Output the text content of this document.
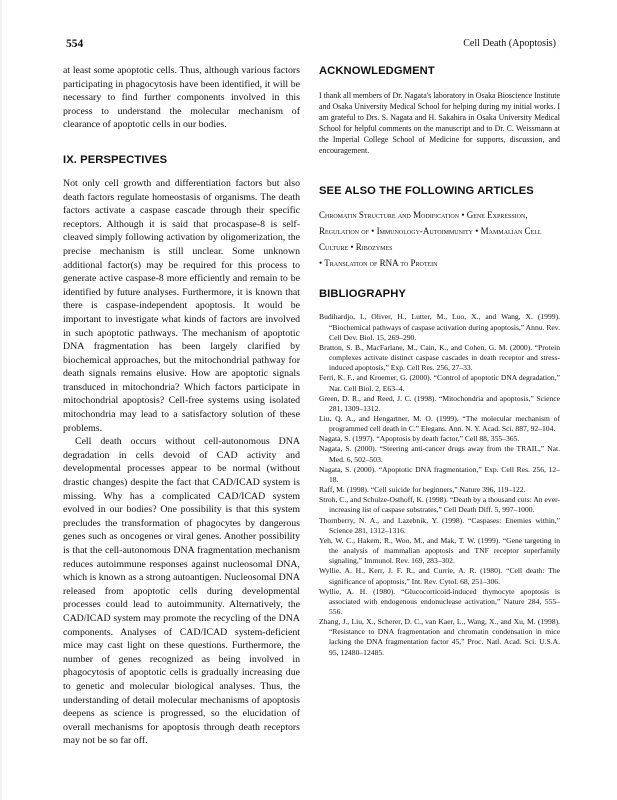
554	Cell Death (Apoptosis)

at least some apoptotic cells. Thus, although various factors participating in phagocytosis have been identified, it will be necessary to find further components involved in this process to understand the molecular mechanism of clearance of apoptotic cells in our bodies.

IX. PERSPECTIVES

Not only cell growth and differentiation factors but also death factors regulate homeostasis of organisms. The death factors activate a caspase cascade through their specific receptors. Although it is said that procaspase-8 is self-cleaved simply following activation by oligomerization, the precise mechanism is still unclear. Some unknown additional factor(s) may be required for this process to generate active caspase-8 more efficiently and remain to be identified by future analyses. Furthermore, it is known that there is caspase-independent apoptosis. It would be important to investigate what kinds of factors are involved in such apoptotic pathways. The mechanism of apoptotic DNA fragmentation has been largely clarified by biochemical approaches, but the mitochondrial pathway for death signals remains elusive. How are apoptotic signals transduced in mitochondria? Which factors participate in mitochondrial apoptosis? Cell-free systems using isolated mitochondria may lead to a satisfactory solution of these problems.

Cell death occurs without cell-autonomous DNA degradation in cells devoid of CAD activity and developmental processes appear to be normal (without drastic changes) despite the fact that CAD/ICAD system is missing. Why has a complicated CAD/ICAD system evolved in our bodies? One possibility is that this system precludes the transformation of phagocytes by dangerous genes such as oncogenes or viral genes. Another possibility is that the cell-autonomous DNA fragmentation mechanism reduces autoimmune responses against nucleosomal DNA, which is known as a strong autoantigen. Nucleosomal DNA released from apoptotic cells during developmental processes could lead to autoimmunity. Alternatively, the CAD/ICAD system may promote the recycling of the DNA components. Analyses of CAD/ICAD system-deficient mice may cast light on these questions. Furthermore, the number of genes recognized as being involved in phagocytosis of apoptotic cells is gradually increasing due to genetic and molecular biological analyses. Thus, the understanding of detail molecular mechanisms of apoptosis deepens as science is progressed, so the elucidation of overall mechanisms for apoptosis through death receptors may not be so far off.

ACKNOWLEDGMENT

I thank all members of Dr. Nagata's laboratory in Osaka Bioscience Institute and Osaka University Medical School for helping during my initial works. I am grateful to Drs. S. Nagata and H. Sakahira in Osaka University Medical School for helpful comments on the manuscript and to Dr. C. Weissmann at the Imperial College School of Medicine for supports, discussion, and encouragement.

SEE ALSO THE FOLLOWING ARTICLES

Chromatin Structure and Modification • Gene Expression, Regulation of • Immunology-Autoimmunity • Mammalian Cell Culture • Ribozymes
• Translation of RNA to Protein

BIBLIOGRAPHY
Budihardjo, I., Oliver, H., Lutter, M., Luo, X., and Wang, X. (1999). “Biochemical pathways of caspase activation during apoptosis,” Annu. Rev. Cell Dev. Biol. 15, 269–290.
Bratton, S. B., MacFarlane, M., Cain, K., and Cohen, G. M. (2000). “Protein complexes activate distinct caspase cascades in death receptor and stress-induced apoptosis,” Exp. Cell Res. 256, 27–33.
Ferri, K. F., and Kroemer, G. (2000). “Control of apoptotic DNA degradation,” Nat. Cell Biol. 2, E63–4.
Green, D. R., and Reed, J. C. (1998). “Mitochondria and apoptosis,” Science 281, 1309–1312.
Liu, Q. A., and Hengartner, M. O. (1999). “The molecular mechanism of programmed cell death in C.” Elegans. Ann. N. Y. Acad. Sci. 887, 92–104.
Nagata, S. (1997). “Apoptosis by death factor,” Cell 88, 355–365.
Nagata, S. (2000). “Steering anti-cancer drugs away from the TRAIL,” Nat. Med. 6, 502–503.
Nagata, S. (2000). “Apoptotic DNA fragmentation,” Exp. Cell Res. 256, 12–18.
Raff, M. (1998). “Cell suicide for beginners,” Nature 396, 119–122.
Stroh, C., and Schulze-Osthoff, K. (1998). “Death by a thousand cuts: An ever-increasing list of caspase substrates,” Cell Death Diff. 5, 997–1000.
Thornberry, N. A., and Lazebnik, Y. (1998). “Caspases: Enemies within,” Science 281, 1312–1316.
Yeh, W. C., Hakem, R., Woo, M., and Mak, T. W. (1999). “Gene targeting in the analysis of mammalian apoptosis and TNF receptor superfamily signaling,” Immunol. Rev. 169, 283–302.
Wyllie, A. H., Kerr, J. F. R., and Currie, A. R. (1980). “Cell death: The significance of apoptosis,” Int. Rev. Cytol. 68, 251–306.
Wyllie, A. H. (1980). “Glucocorticoid-induced thymocyte apoptosis is associated with endogenous endonuclease activation,” Nature 284, 555–556.
Zhang, J., Liu, X., Scherer, D. C., van Kaer, L., Wang, X., and Xu, M. (1998). “Resistance to DNA fragmentation and chromatin condensation in mice lacking the DNA fragmentation factor 45,” Proc. Natl. Acad. Sci. U.S.A. 95, 12480–12485.
